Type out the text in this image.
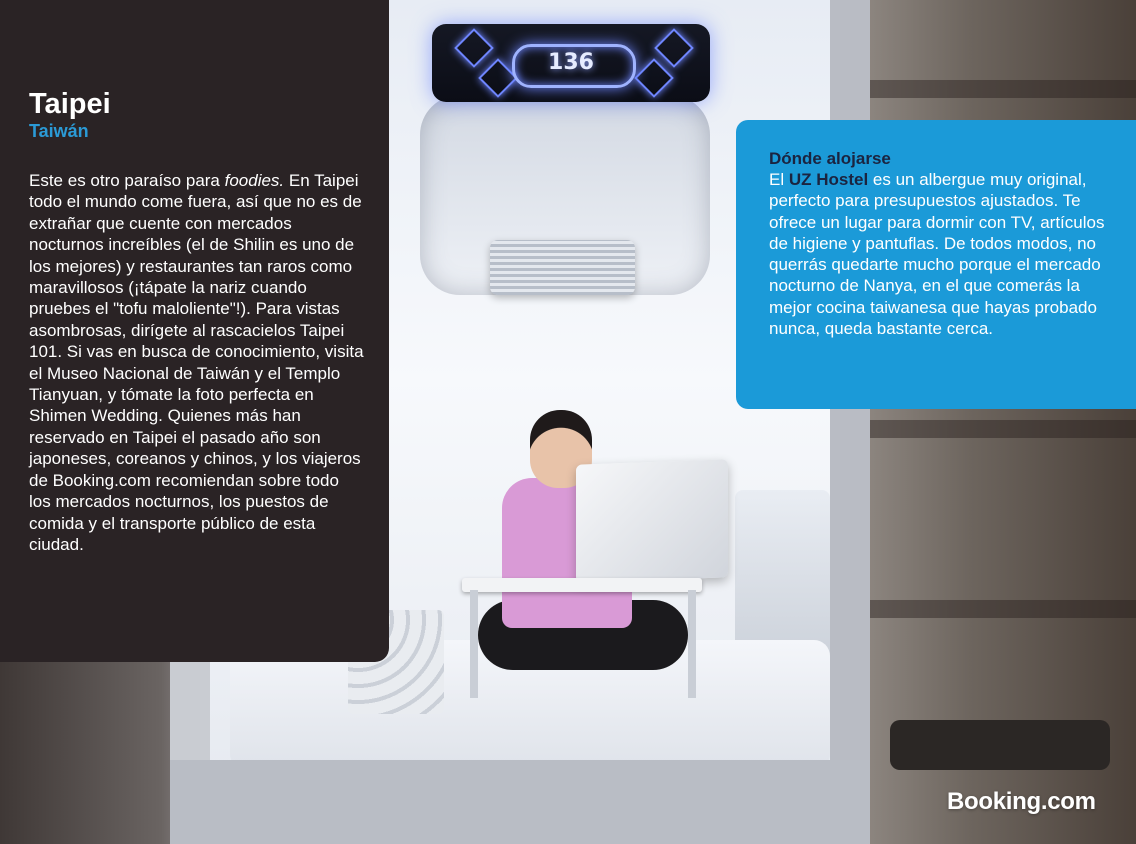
136
Taipei
Taiwán

Este es otro paraíso para foodies. En Taipei todo el mundo come fuera, así que no es de extrañar que cuente con mercados nocturnos increíbles (el de Shilin es uno de los mejores) y restaurantes tan raros como maravillosos (¡tápate la nariz cuando pruebes el "tofu maloliente"!). Para vistas asombrosas, dirígete al rascacielos Taipei 101. Si vas en busca de conocimiento, visita el Museo Nacional de Taiwán y el Templo Tianyuan, y tómate la foto perfecta en Shimen Wedding. Quienes más han reservado en Taipei el pasado año son japoneses, coreanos y chinos, y los viajeros de Booking.com recomiendan sobre todo los mercados nocturnos, los puestos de comida y el transporte público de esta ciudad.

Dónde alojarse

El UZ Hostel es un albergue muy original, perfecto para presupuestos ajustados. Te ofrece un lugar para dormir con TV, artículos de higiene y pantuflas. De todos modos, no querrás quedarte mucho porque el mercado nocturno de Nanya, en el que comerás la mejor cocina taiwanesa que hayas probado nunca, queda bastante cerca.

Booking.com
